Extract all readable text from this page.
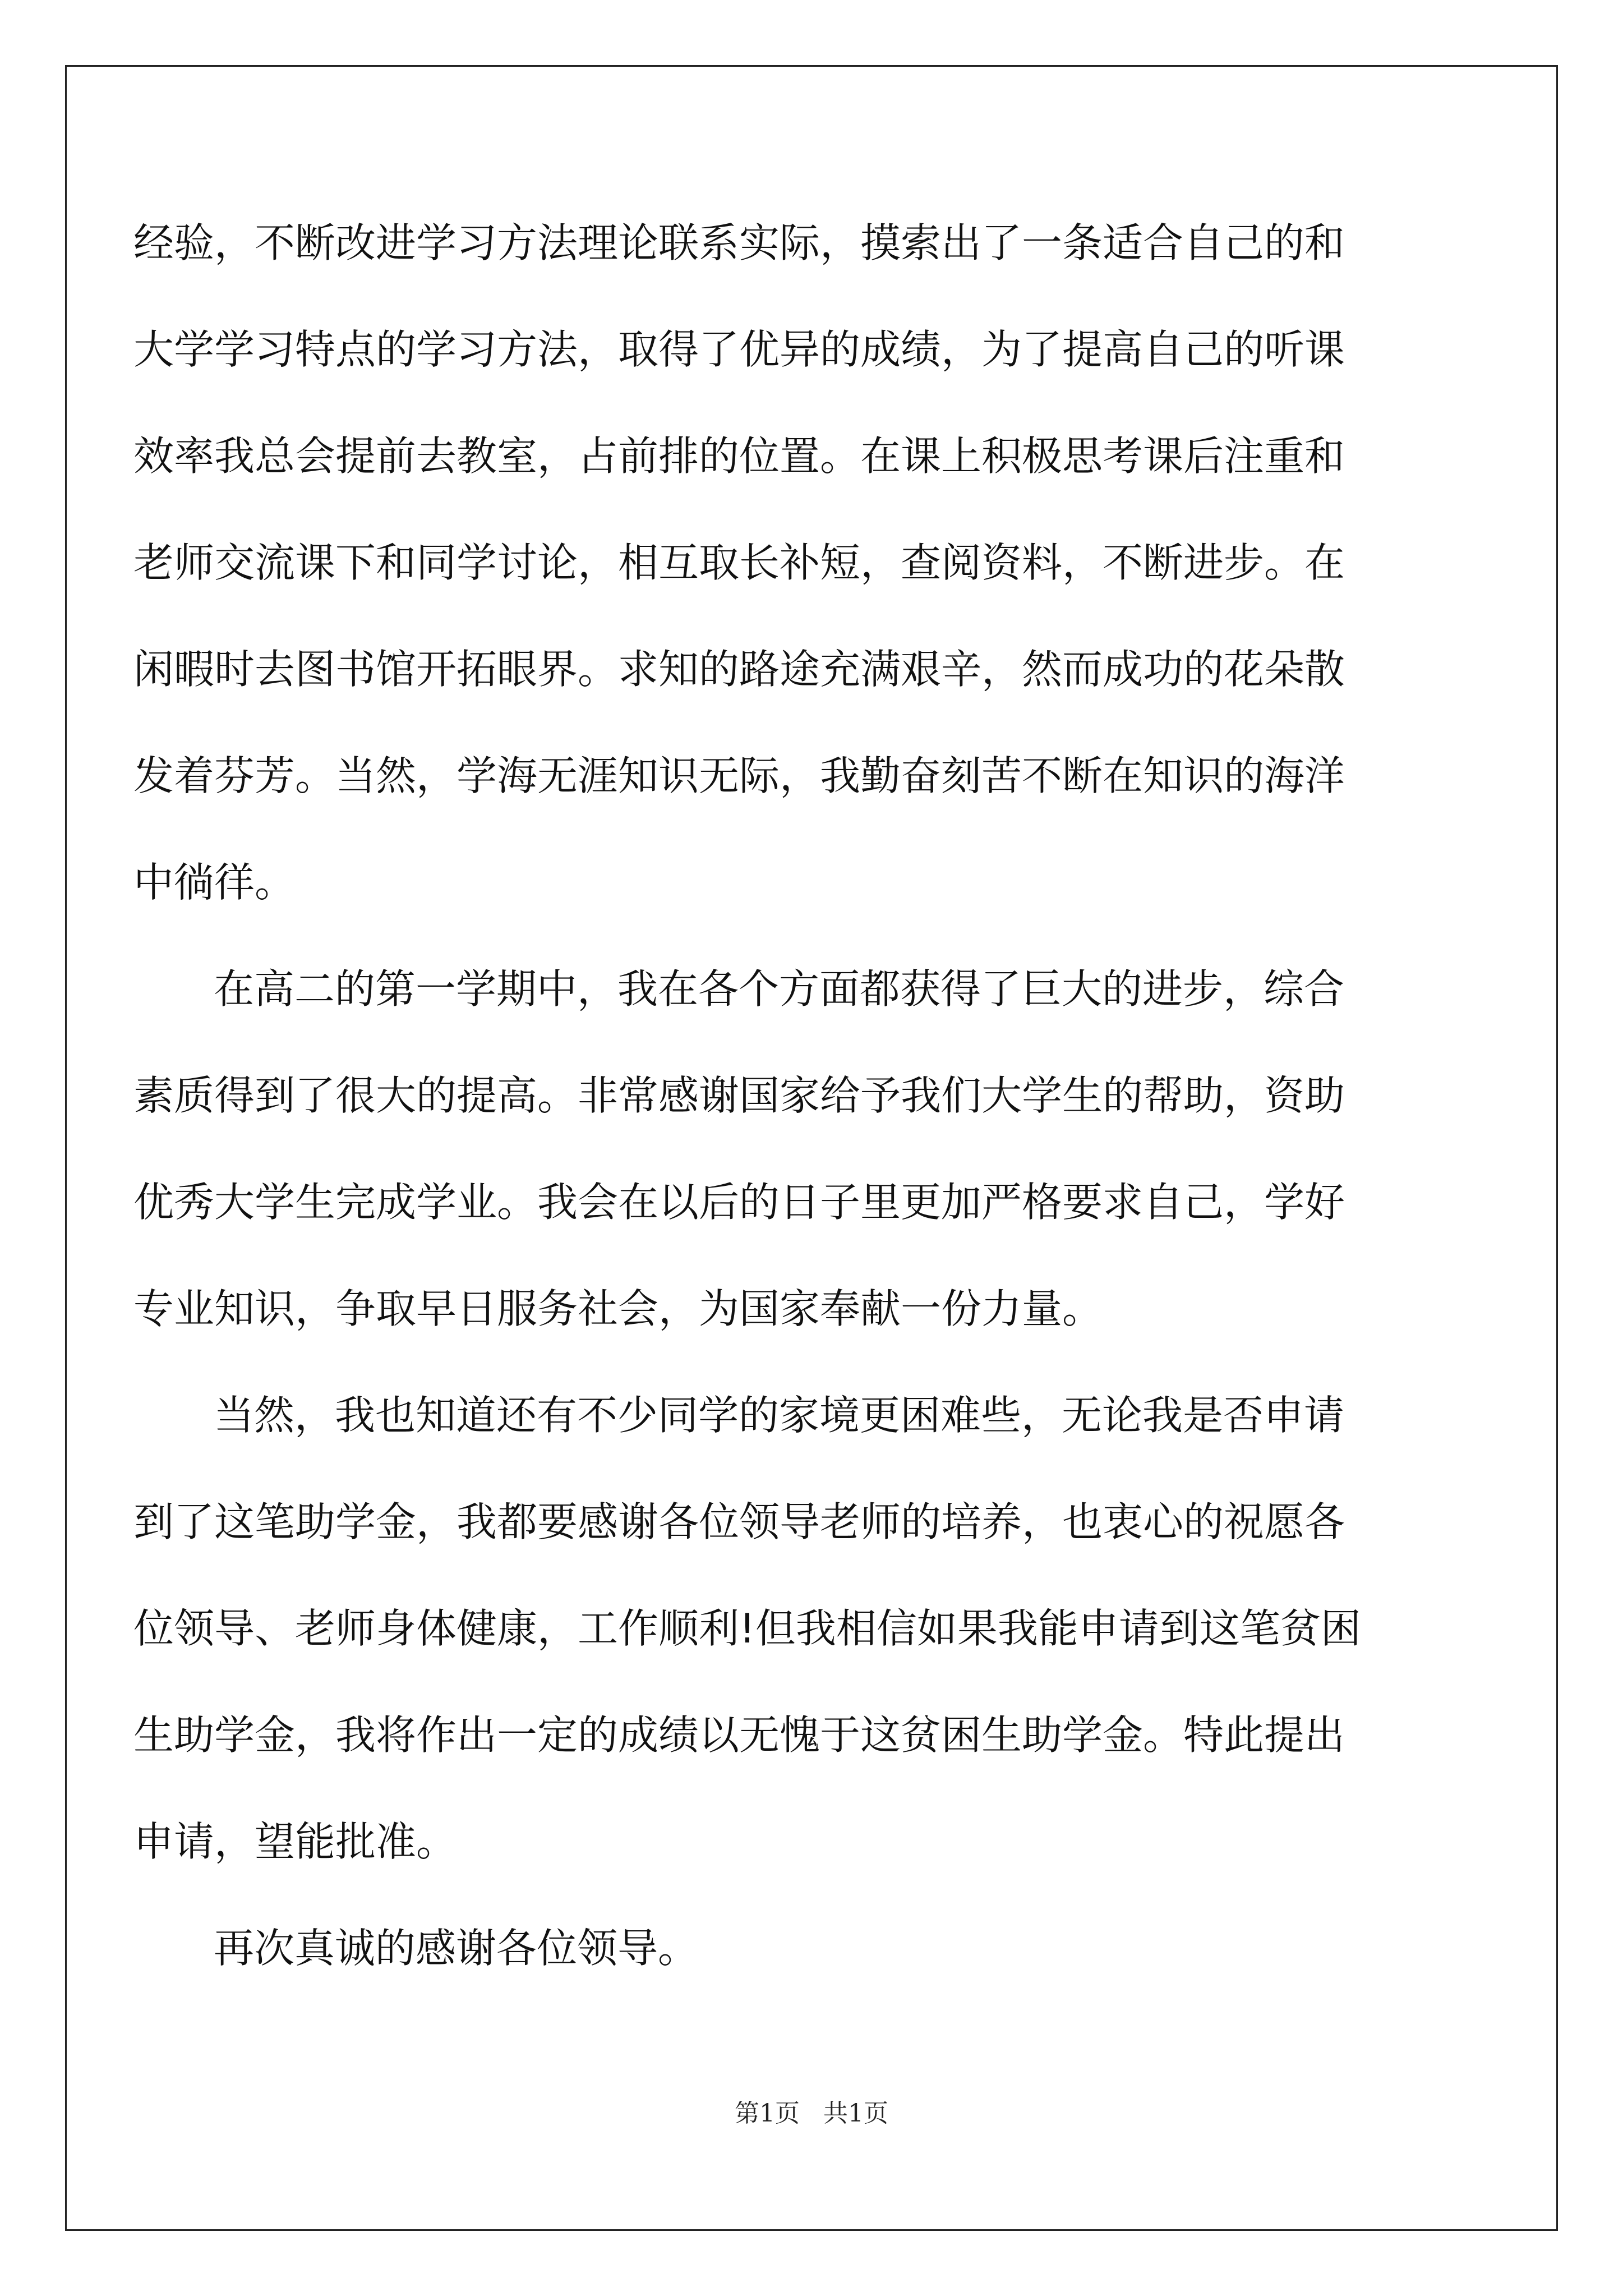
经验，不断改进学习方法理论联系实际，摸索出了一条适合自己的和
大学学习特点的学习方法，取得了优异的成绩，为了提高自己的听课
效率我总会提前去教室，占前排的位置。在课上积极思考课后注重和
老师交流课下和同学讨论，相互取长补短，查阅资料，不断进步。在
闲暇时去图书馆开拓眼界。求知的路途充满艰辛，然而成功的花朵散
发着芬芳。当然，学海无涯知识无际，我勤奋刻苦不断在知识的海洋
中徜徉。
在高二的第一学期中，我在各个方面都获得了巨大的进步，综合
素质得到了很大的提高。非常感谢国家给予我们大学生的帮助，资助
优秀大学生完成学业。我会在以后的日子里更加严格要求自己，学好
专业知识，争取早日服务社会，为国家奉献一份力量。
当然，我也知道还有不少同学的家境更困难些，无论我是否申请
到了这笔助学金，我都要感谢各位领导老师的培养，也衷心的祝愿各
位领导、老师身体健康，工作顺利!但我相信如果我能申请到这笔贫困
生助学金，我将作出一定的成绩以无愧于这贫困生助学金。特此提出
申请，望能批准。
再次真诚的感谢各位领导。
第1页   共1页
